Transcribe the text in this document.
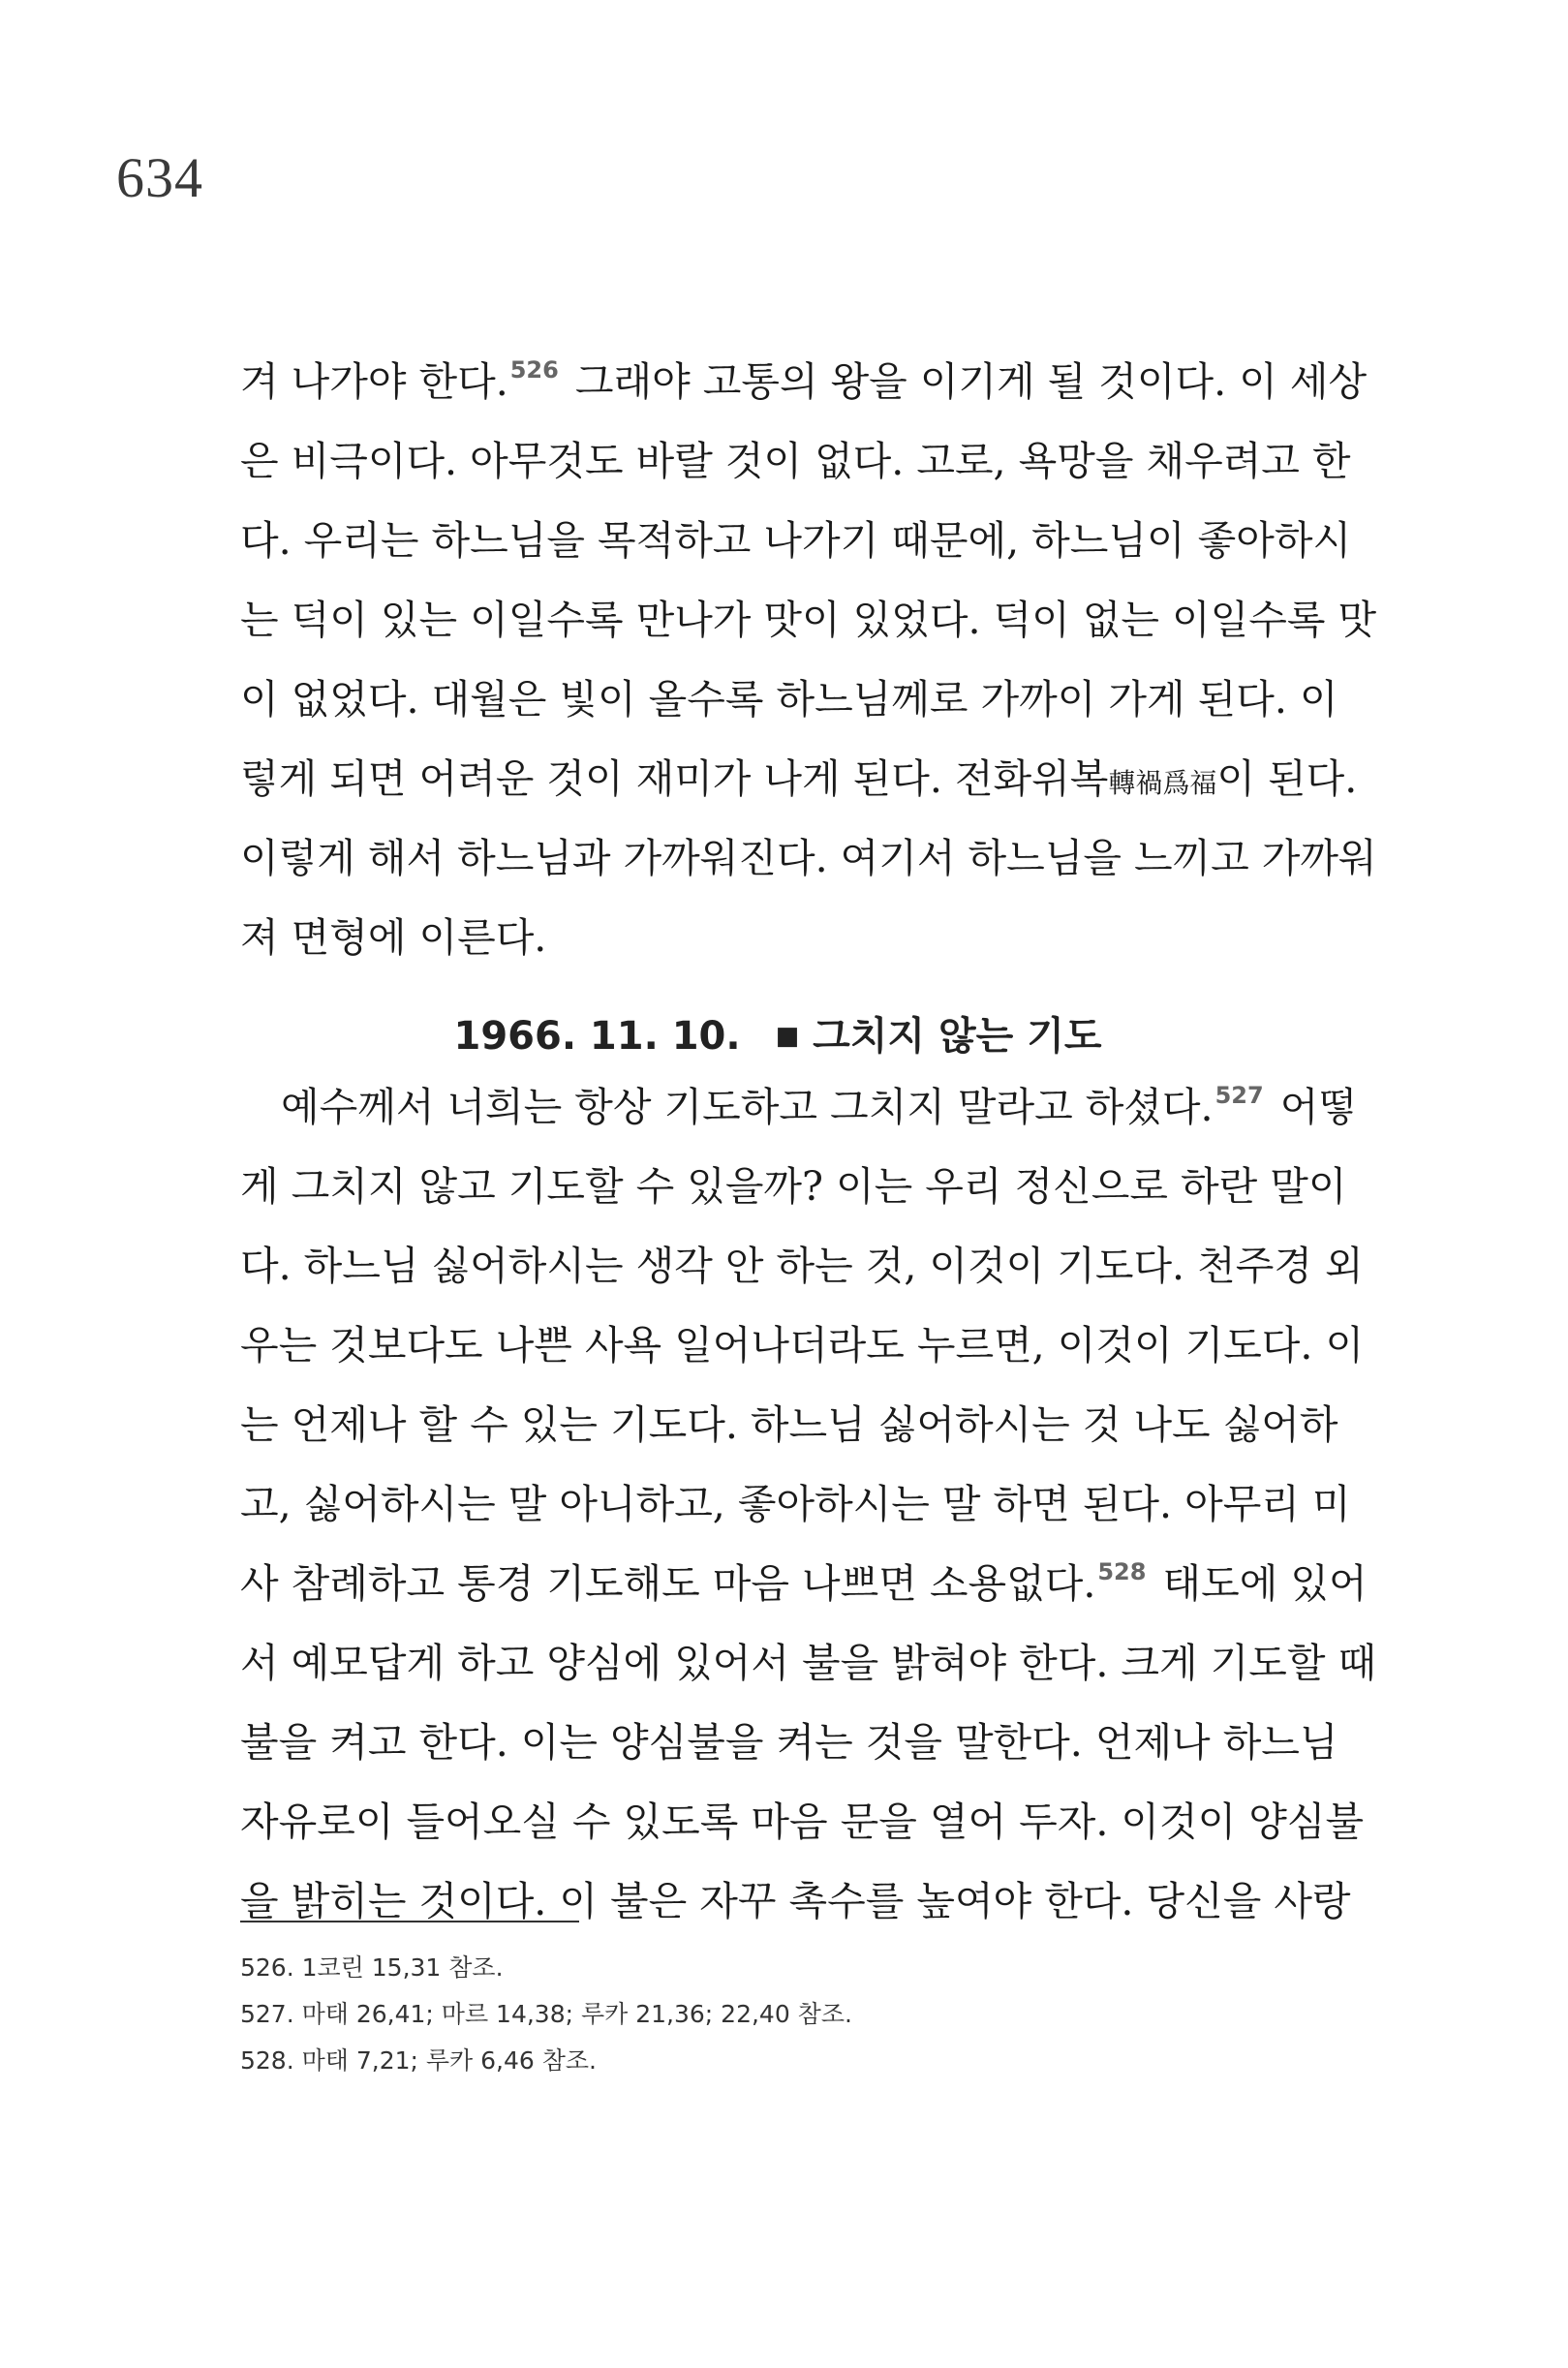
634
겨 나가야 한다.$^{526}$ 그래야 고통의 왕을 이기게 될 것이다. 이 세상
은 비극이다. 아무것도 바랄 것이 없다. 고로, 욕망을 채우려고 한
다. 우리는 하느님을 목적하고 나가기 때문에, 하느님이 좋아하시
는 덕이 있는 이일수록 만나가 맛이 있었다. 덕이 없는 이일수록 맛
이 없었다. 대월은 빛이 올수록 하느님께로 가까이 가게 된다. 이
렇게 되면 어려운 것이 재미가 나게 된다. 전화위복轉禍爲福이 된다.
이렇게 해서 하느님과 가까워진다. 여기서 하느님을 느끼고 가까워
져 면형에 이른다.
1966. 11. 10. ■ 그치지 않는 기도
예수께서 너희는 항상 기도하고 그치지 말라고 하셨다.$^{527}$ 어떻
게 그치지 않고 기도할 수 있을까? 이는 우리 정신으로 하란 말이
다. 하느님 싫어하시는 생각 안 하는 것, 이것이 기도다. 천주경 외
우는 것보다도 나쁜 사욕 일어나더라도 누르면, 이것이 기도다. 이
는 언제나 할 수 있는 기도다. 하느님 싫어하시는 것 나도 싫어하
고, 싫어하시는 말 아니하고, 좋아하시는 말 하면 된다. 아무리 미
사 참례하고 통경 기도해도 마음 나쁘면 소용없다.$^{528}$ 태도에 있어
서 예모답게 하고 양심에 있어서 불을 밝혀야 한다. 크게 기도할 때
불을 켜고 한다. 이는 양심불을 켜는 것을 말한다. 언제나 하느님
자유로이 들어오실 수 있도록 마음 문을 열어 두자. 이것이 양심불
을 밝히는 것이다. 이 불은 자꾸 촉수를 높여야 한다. 당신을 사랑
526. 1코린 15,31 참조.
527. 마태 26,41; 마르 14,38; 루카 21,36; 22,40 참조.
528. 마태 7,21; 루카 6,46 참조.
